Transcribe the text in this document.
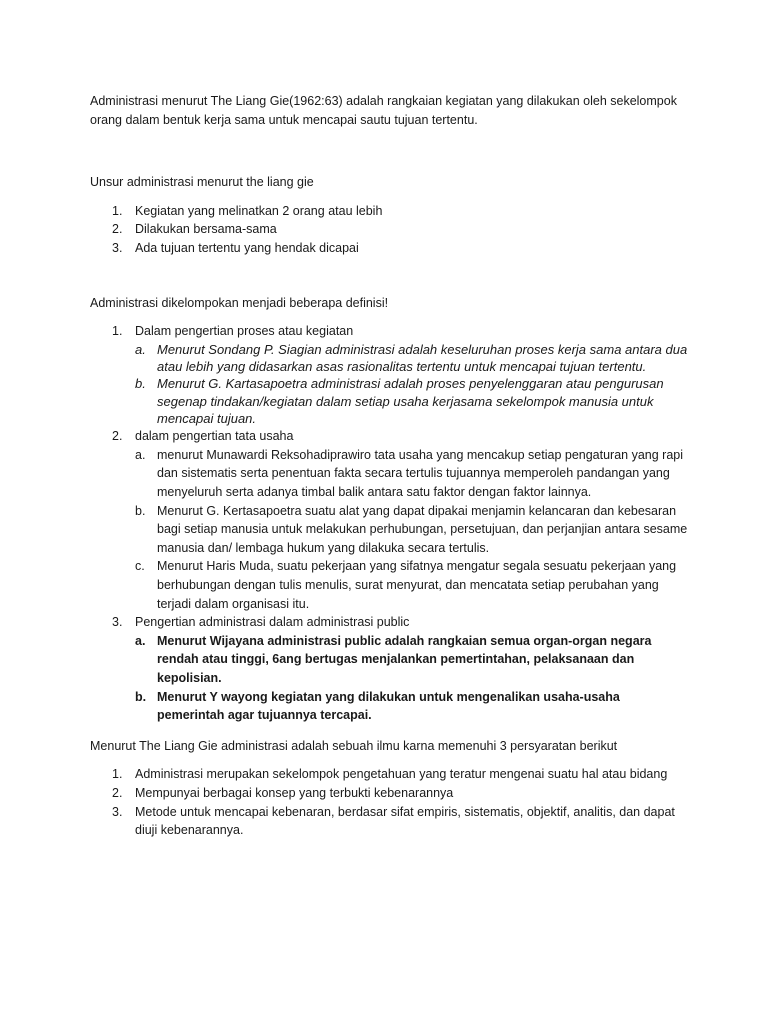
Administrasi menurut The Liang Gie(1962:63) adalah rangkaian kegiatan yang dilakukan oleh sekelompok orang dalam bentuk kerja sama untuk mencapai sautu tujuan tertentu.

Unsur administrasi menurut the liang gie

1. Kegiatan yang melinatkan 2 orang atau lebih
2. Dilakukan bersama-sama
3. Ada tujuan tertentu yang hendak dicapai

Administrasi dikelompokan menjadi beberapa definisi!

1. Dalam pengertian proses atau kegiatan
a. Menurut Sondang P. Siagian administrasi adalah keseluruhan proses kerja sama antara dua atau lebih yang didasarkan asas rasionalitas tertentu untuk mencapai tujuan tertentu.
b. Menurut G. Kartasapoetra administrasi adalah proses penyelenggaran atau pengurusan segenap tindakan/kegiatan dalam setiap usaha kerjasama sekelompok manusia untuk mencapai tujuan.
2. dalam pengertian tata usaha
a. menurut Munawardi Reksohadiprawiro tata usaha yang mencakup setiap pengaturan yang rapi dan sistematis serta penentuan fakta secara tertulis tujuannya memperoleh pandangan yang menyeluruh serta adanya timbal balik antara satu faktor dengan faktor lainnya.
b. Menurut G. Kertasapoetra suatu alat yang dapat dipakai menjamin kelancaran dan kebesaran bagi setiap manusia untuk melakukan perhubungan, persetujuan, dan perjanjian antara sesame manusia dan/ lembaga hukum yang dilakuka secara tertulis.
c. Menurut Haris Muda, suatu pekerjaan yang sifatnya mengatur segala sesuatu pekerjaan yang berhubungan dengan tulis menulis, surat menyurat, dan mencatata setiap perubahan yang terjadi dalam organisasi itu.
3. Pengertian administrasi dalam administrasi public
a. Menurut Wijayana administrasi public adalah rangkaian semua organ-organ negara rendah atau tinggi, 6ang bertugas menjalankan pemertintahan, pelaksanaan dan kepolisian.
b. Menurut Y wayong kegiatan yang dilakukan untuk mengenalikan usaha-usaha pemerintah agar tujuannya tercapai.

Menurut The Liang Gie administrasi adalah sebuah ilmu karna memenuhi 3 persyaratan berikut

1. Administrasi merupakan sekelompok pengetahuan yang teratur mengenai suatu hal atau bidang
2. Mempunyai berbagai konsep yang terbukti kebenarannya
3. Metode untuk mencapai kebenaran, berdasar sifat empiris, sistematis, objektif, analitis, dan dapat diuji kebenarannya.
